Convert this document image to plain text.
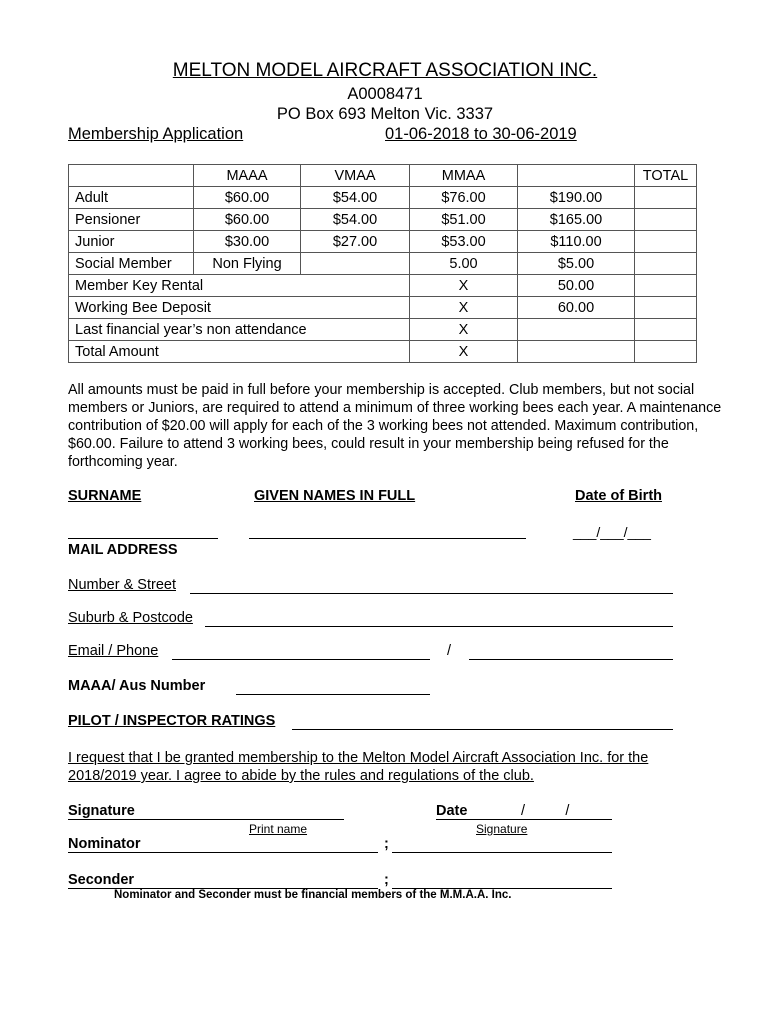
MELTON MODEL AIRCRAFT ASSOCIATION INC.
A0008471
PO Box 693 Melton Vic. 3337
Membership Application	01-06-2018 to 30-06-2019
	MAAA	VMAA	MMAA		TOTAL
Adult	$60.00	$54.00	$76.00	$190.00	
Pensioner	$60.00	$54.00	$51.00	$165.00	
Junior	$30.00	$27.00	$53.00	$110.00	
Social Member	Non Flying		5.00	$5.00	
Member Key Rental			X	50.00	
Working Bee Deposit			X	60.00	
Last financial year’s non attendance			X		
Total Amount			X		
All amounts must be paid in full before your membership is accepted. Club members, but not social members or Juniors, are required to attend a minimum of three working bees each year. A maintenance contribution of $20.00 will apply for each of the 3 working bees not attended. Maximum contribution, $60.00. Failure to attend 3 working bees, could result in your membership being refused for the forthcoming year.
SURNAME	GIVEN NAMES IN FULL	Date of Birth
___/___/___
MAIL ADDRESS
Number & Street
Suburb & Postcode
Email / Phone	/
MAAA/ Aus Number
PILOT / INSPECTOR RATINGS
I request that I be granted membership to the Melton Model Aircraft Association Inc. for the
2018/2019 year. I agree to abide by the rules and regulations of the club.
Signature	Date	/          /
Print name	Signature
Nominator	;
Seconder	;
Nominator and Seconder must be financial members of the M.M.A.A. Inc.
